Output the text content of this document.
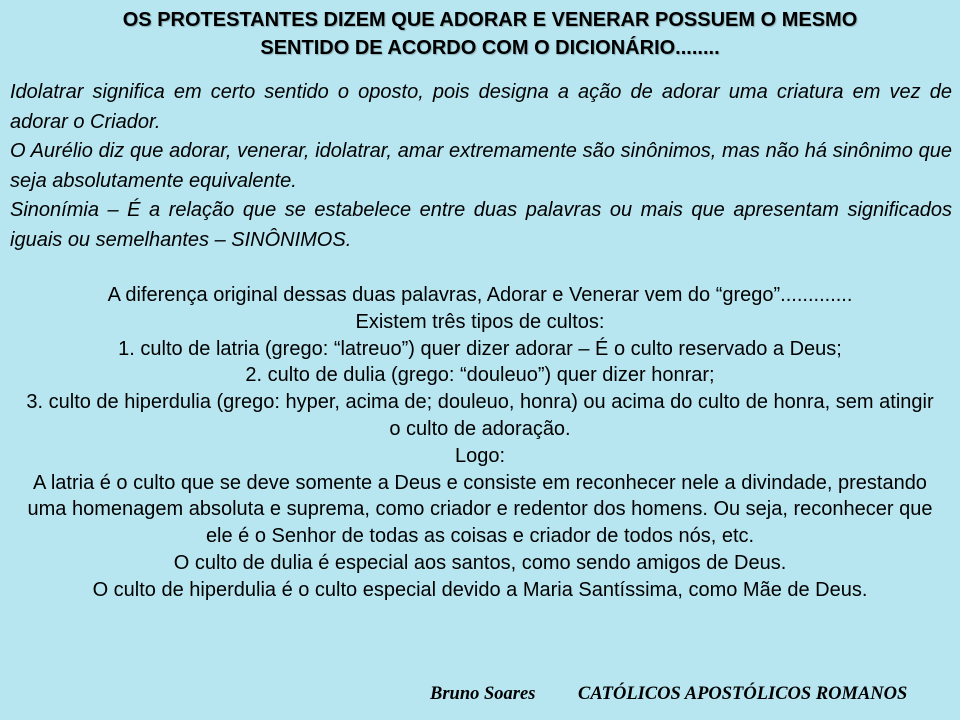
OS PROTESTANTES DIZEM QUE ADORAR E VENERAR POSSUEM O MESMO
SENTIDO DE ACORDO COM O DICIONÁRIO........

Idolatrar significa em certo sentido o oposto, pois designa a ação de adorar uma criatura em vez de adorar o Criador.

O Aurélio diz que adorar, venerar, idolatrar, amar extremamente são sinônimos, mas não há sinônimo que seja absolutamente equivalente.

Sinonímia – É a relação que se estabelece entre duas palavras ou mais que apresentam significados iguais ou semelhantes – SINÔNIMOS.

A diferença original dessas duas palavras, Adorar e Venerar vem do “grego”.............

Existem três tipos de cultos:

1. culto de latria (grego: “latreuo”) quer dizer adorar – É o culto reservado a Deus;

2. culto de dulia (grego: “douleuo”) quer dizer honrar;

3. culto de hiperdulia (grego: hyper, acima de; douleuo, honra) ou acima do culto de honra, sem atingir o culto de adoração.

Logo:

A latria é o culto que se deve somente a Deus e consiste em reconhecer nele a divindade, prestando uma homenagem absoluta e suprema, como criador e redentor dos homens. Ou seja, reconhecer que ele é o Senhor de todas as coisas e criador de todos nós, etc.

O culto de dulia é especial aos santos, como sendo amigos de Deus.

O culto de hiperdulia é o culto especial devido a Maria Santíssima, como Mãe de Deus.

Bruno Soares CATÓLICOS APOSTÓLICOS ROMANOS
